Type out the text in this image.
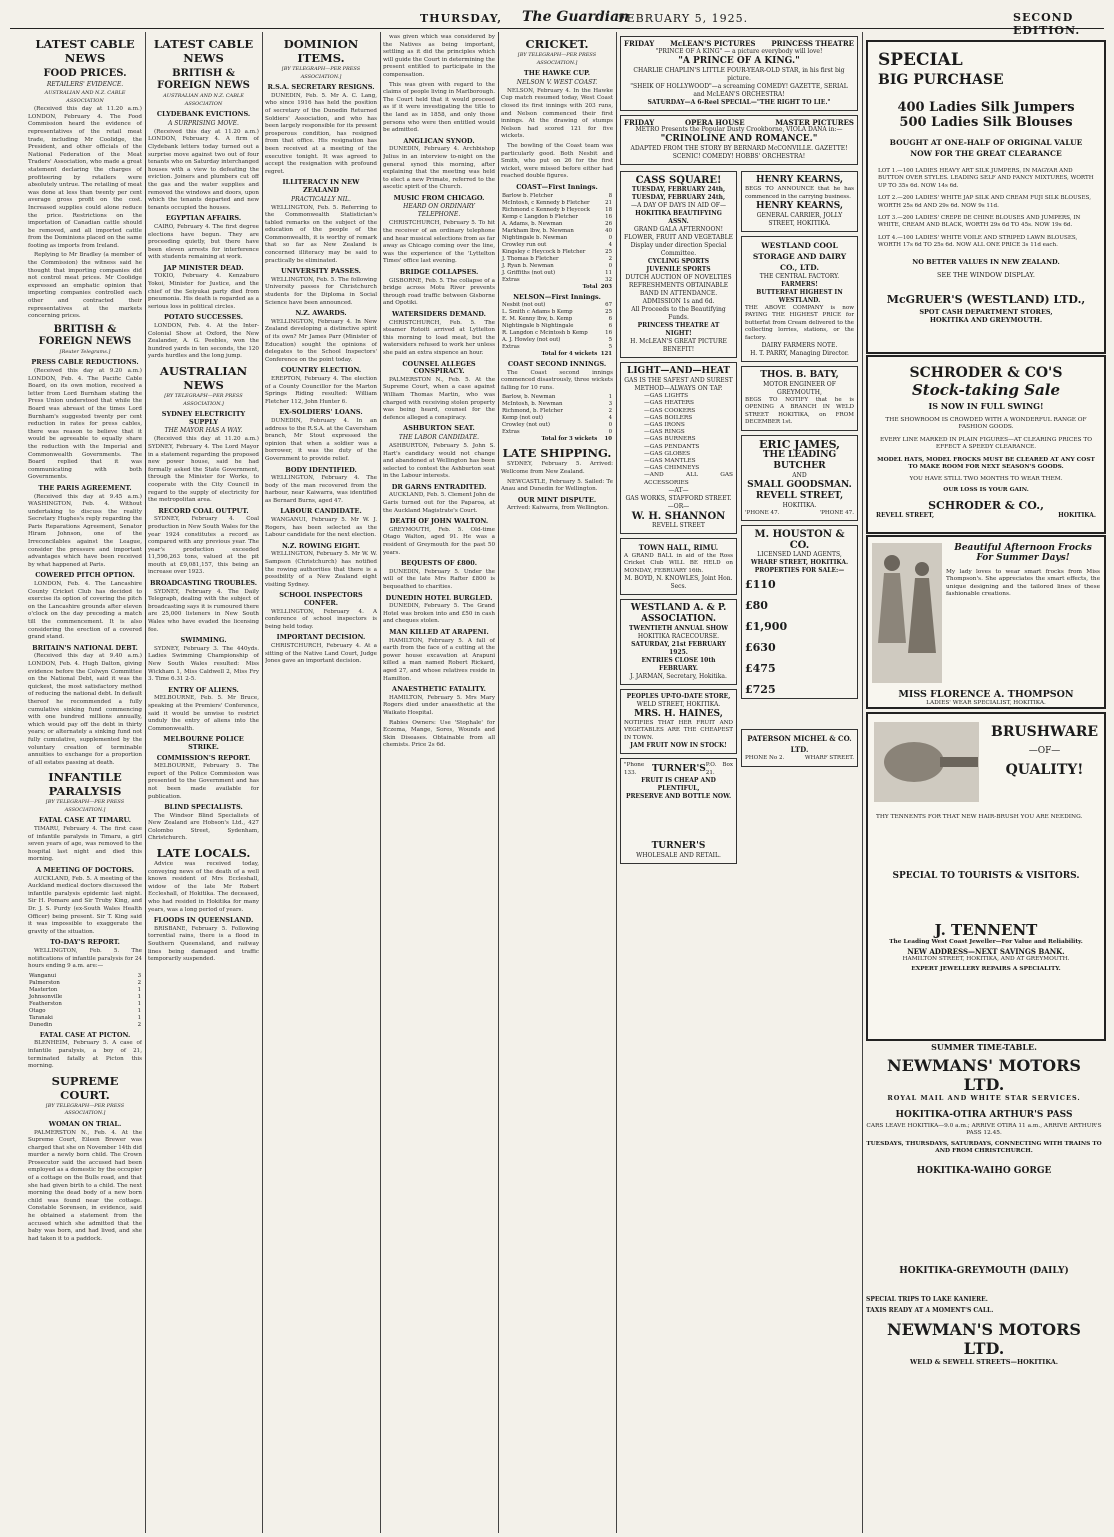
THURSDAY, The Guardian
FEBRUARY 5, 1925.	SECOND EDITION.
LATEST CABLE NEWS
FOOD PRICES.
RETAILERS' EVIDENCE.
AUSTRALIAN AND N.Z. CABLE ASSOCIATION

(Received this day at 11.20 a.m.) LONDON, February 4. The Food Commission heard the evidence of representatives of the retail meat trade, including Mr Coolidge, the President, and other officials of the National Federation of the Meat Traders' Association, who made a great statement declaring the charges of profiteering by retailers were absolutely untrue. The retailing of meat was done at less than twenty per cent average gross profit on the cost. Increased supplies could alone reduce the price. Restrictions on the importation of Canadian cattle should be removed, and all imported cattle from the Dominions placed on the same footing as imports from Ireland.

Replying to Mr Bradley (a member of the Commission) the witness said he thought that importing companies did not control meat prices. Mr Coolidge expressed an emphatic opinion that importing companies controlled each other and contracted their representatives at the markets concerning prices.

BRITISH & FOREIGN NEWS
[Reuter Telegrams.]
PRESS CABLE REDUCTIONS.

(Received this day at 9.20 a.m.) LONDON, Feb. 4. The Pacific Cable Board, on its own motion, received a letter from Lord Burnham stating the Press Union understood that while the Board was abreast of the times Lord Burnham's suggested twenty per cent reduction in rates for press cables, there was reason to believe that it would be agreeable to equally share the reduction with the Imperial and Commonwealth Governments. The Board replied that it was communicating with both Governments.

THE PARIS AGREEMENT.

(Received this day at 9.45 a.m.) WASHINGTON, Feb. 4. Without undertaking to discuss the reality Secretary Hughes's reply regarding the Paris Reparations Agreement, Senator Hiram Johnson, one of the Irreconcilables against the League, consider the pressure and important advantages which have been received by what happened at Paris.

COWERED PITCH OPTION.

LONDON, Feb. 4. The Lancashire County Cricket Club has decided to exercise its option of covering the pitch on the Lancashire grounds after eleven o'clock on the day preceding a match till the commencement. It is also considering the erection of a covered grand stand.

BRITAIN'S NATIONAL DEBT.

(Received this day at 9.40 a.m.) LONDON, Feb. 4. Hugh Dalton, giving evidence before the Colwyn Committee on the National Debt, said it was the quickest, the most satisfactory method of reducing the national debt. In default thereof he recommended a fully cumulative sinking fund commencing with one hundred millions annually, which would pay off the debt in thirty years; or alternately a sinking fund not fully cumulative, supplemented by the voluntary creation of terminable annuities to exchange for a proportion of all estates passing at death.

INFANTILE PARALYSIS
[BY TELEGRAPH—PER PRESS ASSOCIATION.]
FATAL CASE AT TIMARU.

TIMARU, February 4. The first case of infantile paralysis in Timaru, a girl seven years of age, was removed to the hospital last night and died this morning.

A MEETING OF DOCTORS.

AUCKLAND, Feb. 5. A meeting of the Auckland medical doctors discussed the infantile paralysis epidemic last night. Sir H. Pomare and Sir Truby King, and Dr. J. S. Purdy (ex-South Wales Health Officer) being present. Sir T. King said it was impossible to exaggerate the gravity of the situation.

TO-DAY'S REPORT.

WELLINGTON, Feb. 5. The notifications of infantile paralysis for 24 hours ending 9 a.m. are:—

Wanganui	3
Palmerston	2
Masterton	1
Johnsonville	1
Featherston	1
Otago	1
Taranaki	1
Dunedin	2
FATAL CASE AT PICTON.

BLENHEIM, February 5. A case of infantile paralysis, a boy of 21, terminated fatally at Picton this morning.

SUPREME COURT.
[BY TELEGRAPH—PER PRESS ASSOCIATION.]
WOMAN ON TRIAL.

PALMERSTON N., Feb. 4. At the Supreme Court, Eileen Brewer was charged that she on November 14th did murder a newly born child. The Crown Prosecutor said the accused had been employed as a domestic by the occupier of a cottage on the Bulls road, and that she had given birth to a child. The next morning the dead body of a new born child was found near the cottage. Constable Sorensen, in evidence, said he obtained a statement from the accused which she admitted that the baby was born, and had lived, and she had taken it to a paddock.

LATEST CABLE NEWS
BRITISH & FOREIGN NEWS
AUSTRALIAN AND N.Z. CABLE ASSOCIATION
CLYDEBANK EVICTIONS.
A SURPRISING MOVE.

(Received this day at 11.20 a.m.) LONDON, February 4. A firm of Clydebank letters today turned out a surprise move against two out of four tenants who on Saturday interchanged houses with a view to defeating the eviction. Joiners and plumbers cut off the gas and the water supplies and removed the windows and doors, upon which the tenants departed and new tenants occupied the houses.

EGYPTIAN AFFAIRS.

CAIRO, February 4. The first degree elections have begun. They are proceeding quietly, but there have been eleven arrests for interference with students remaining at work.

JAP MINISTER DEAD.

TOKIO, February 4. Kenzaburo Yokoi, Minister for Justice, and the chief of the Seiyukai party died from pneumonia. His death is regarded as a serious loss in political circles.

POTATO SUCCESSES.

LONDON, Feb. 4. At the Inter-Colonial Show at Oxford, the New Zealander, A. G. Peebles, won the hundred yards in ten seconds, the 120 yards hurdles and the long jump.

AUSTRALIAN NEWS
[BY TELEGRAPH—PER PRESS ASSOCIATION.]
SYDNEY ELECTRICITY SUPPLY
THE MAYOR HAS A WAY.

(Received this day at 11.20 a.m.) SYDNEY, February 4. The Lord Mayor in a statement regarding the proposed new power house, said he had formally asked the State Government, through the Minister for Works, to cooperate with the City Council in regard to the supply of electricity for the metropolitan area.

RECORD COAL OUTPUT.

SYDNEY, February 4. Coal production in New South Wales for the year 1924 constitutes a record as compared with any previous year. The year's production exceeded 11,596,263 tons, valued at the pit mouth at £9,081,157, this being an increase over 1923.

BROADCASTING TROUBLES.

SYDNEY, February 4. The Daily Telegraph, dealing with the subject of broadcasting says it is rumoured there are 25,000 listeners in New South Wales who have evaded the licensing fee.

SWIMMING.

SYDNEY, February 3. The 440yds. Ladies Swimming Championship of New South Wales resulted: Miss Wickham 1, Miss Caldwell 2, Miss Fry 3. Time 6.31 2-5.

ENTRY OF ALIENS.

MELBOURNE, Feb. 5. Mr Bruce, speaking at the Premiers' Conference, said it would be unwise to restrict unduly the entry of aliens into the Commonwealth.

MELBOURNE POLICE STRIKE.
COMMISSION'S REPORT.

MELBOURNE, February 5. The report of the Police Commission was presented to the Government and has not been made available for publication.

BLIND SPECIALISTS.

The Windsor Blind Specialists of New Zealand are Hobson's Ltd., 427 Colombo Street, Sydenham, Christchurch.

LATE LOCALS.

Advice was received today, conveying news of the death of a well known resident of Mrs Eccleshall, widow of the late Mr Robert Eccleshall, of Hokitika. The deceased, who had resided in Hokitika for many years, was a long period of years.

FLOODS IN QUEENSLAND.

BRISBANE, February 5. Following torrential rains, there is a flood in Southern Queensland, and railway lines being damaged and traffic temporarily suspended.

DOMINION ITEMS.
[BY TELEGRAPH—PER PRESS ASSOCIATION.]
R.S.A. SECRETARY RESIGNS.

DUNEDIN, Feb. 5. Mr A. C. Lang, who since 1916 has held the position of secretary of the Dunedin Returned Soldiers' Association, and who has been largely responsible for its present prosperous condition, has resigned from that office. His resignation has been received at a meeting of the executive tonight. It was agreed to accept the resignation with profound regret.

ILLITERACY IN NEW ZEALAND
PRACTICALLY NIL.

WELLINGTON, Feb. 5. Referring to the Commonwealth Statistician's tabled remarks on the subject of the education of the people of the Commonwealth, it is worthy of remark that so far as New Zealand is concerned illiteracy may be said to practically be eliminated.

UNIVERSITY PASSES.

WELLINGTON, Feb. 5. The following University passes for Christchurch students for the Diploma in Social Science have been announced.

N.Z. AWARDS.

WELLINGTON, February 4. In New Zealand developing a distinctive spirit of its own? Mr James Parr (Minister of Education) sought the opinions of delegates to the School Inspectors' Conference on the point today.

COUNTRY ELECTION.

EREPTON, February 4. The election of a County Councillor for the Marton Springs Riding resulted: William Fletcher 112, John Hunter 6.

EX-SOLDIERS' LOANS.

DUNEDIN, February 4. In an address to the R.S.A. at the Caversham branch, Mr Stout expressed the opinion that when a soldier was a borrower, it was the duty of the Government to provide relief.

BODY IDENTIFIED.

WELLINGTON, February 4. The body of the man recovered from the harbour, near Kaiwarra, was identified as Bernard Burns, aged 47.

LABOUR CANDIDATE.

WANGANUI, February 5. Mr W. J. Rogers, has been selected as the Labour candidate for the next election.

N.Z. ROWING EIGHT.

WELLINGTON, February 5. Mr W. W. Sampson (Christchurch) has notified the rowing authorities that there is a possibility of a New Zealand eight visiting Sydney.

SCHOOL INSPECTORS CONFER.

WELLINGTON, February 4. A conference of school inspectors is being held today.

IMPORTANT DECISION.

CHRISTCHURCH, February 4. At a sitting of the Native Land Court, Judge Jones gave an important decision.

was given which was considered by the Natives as being important, settling as it did the principles which will guide the Court in determining the present entitled to participate in the compensation.

This was given with regard to the claims of people living in Marlborough. The Court held that it would proceed as if it were investigating the title to the land as in 1858, and only those persons who were then entitled would be admitted.

ANGLICAN SYNOD.

DUNEDIN, February 4. Archbishop Julius in an interview to-night on the general synod this morning, after explaining that the meeting was held to elect a new Primate, referred to the ascetic spirit of the Church.

MUSIC FROM CHICAGO.
HEARD ON ORDINARY TELEPHONE.

CHRISTCHURCH, February 5. To hit the receiver of an ordinary telephone and hear musical selections from as far away as Chicago coming over the line, was the experience of the 'Lyttelton Times' office last evening.

BRIDGE COLLAPSES.

GISBORNE, Feb. 5. The collapse of a bridge across Motu River prevents through road traffic between Gisborne and Opotiki.

WATERSIDERS DEMAND.

CHRISTCHURCH, Feb. 5. The steamer Rotoiti arrived at Lyttelton this morning to load meat, but the watersiders refused to work her unless she paid an extra sixpence an hour.

COUNSEL ALLEGES CONSPIRACY.

PALMERSTON N., Feb. 5. At the Supreme Court, when a case against William Thomas Martin, who was charged with receiving stolen property was being heard, counsel for the defence alleged a conspiracy.

ASHBURTON SEAT.
THE LABOR CANDIDATE.

ASHBURTON, February 5. John S. Hart's candidacy would not change and abandoned at Wellington has been selected to contest the Ashburton seat in the Labour interests.

DR GARNS ENTRADITED.

AUCKLAND, Feb. 5. Clement John de Garis turned out for the Paparoa, at the Auckland Magistrate's Court.

DEATH OF JOHN WALTON.

GREYMOUTH, Feb. 5. Old-time Otago Walton, aged 91. He was a resident of Greymouth for the past 50 years.

BEQUESTS OF £800.

DUNEDIN, February 5. Under the will of the late Mrs Rafter £800 is bequeathed to charities.

DUNEDIN HOTEL BURGLED.

DUNEDIN, February 5. The Grand Hotel was broken into and £50 in cash and cheques stolen.

MAN KILLED AT ARAPENI.

HAMILTON, February 5. A fall of earth from the face of a cutting at the power house excavation at Arapuni killed a man named Robert Rickard, aged 27, and whose relatives reside in Hamilton.

ANAESTHETIC FATALITY.

HAMILTON, February 5. Mrs Mary Rogers died under anaesthetic at the Waikato Hospital.

Rabies Owners: Use 'Stophale' for Eczema, Mange, Sores, Wounds and Skin Diseases. Obtainable from all chemists. Price 2s 6d.

CRICKET.
[BY TELEGRAPH—PER PRESS ASSOCIATION.]
THE HAWKE CUP.
NELSON V. WEST COAST.

NELSON, February 4. In the Hawke Cup match resumed today, West Coast closed its first innings with 203 runs, and Nelson commenced their first innings. At the drawing of stumps Nelson had scored 121 for five wickets.

The bowling of the Coast team was particularly good. Both Nesbit and Smith, who put on 26 for the first wicket, were missed before either had reached double figures.

COAST—First Innings.
Barlow b. Fletcher	8
McIntosh, c Kennedy b Fletcher	21
Richmond c Kennedy b Heycock	18
Kemp c Langdon b Fletcher	16
A. Adams, b. Newman	26
Markham lbw, b. Newman	40
Nightingale b. Newman	0
Crowley run out	4
Kingsley c Heycock b Fletcher	25
J. Thomas b Fletcher	2
J. Ryan b. Newman	0
J. Griffiths (not out)	11
Extras	32
Total	203
NELSON—First Innings.
Nesbit (not out)	67
L. Smith c Adams b Kemp	25
E. M. Kenny lbw, b. Kemp	6
Nightingale b Nightingale	6
R. Langdon c Mcintosh b Kemp	16
A. J. Howley (not out)	5
Extras	5
Total for 4 wickets	121
COAST SECOND INNINGS.

The Coast second innings commenced disastrously, three wickets falling for 10 runs.

Barlow, b. Newman	1
McIntosh, b. Newman	3
Richmond, b. Fletcher	2
Kemp (not out)	4
Crowley (not out)	0
Extras	0
Total for 3 wickets	10
LATE SHIPPING.

SYDNEY, February 5. Arrived: Wellcome from New Zealand.

NEWCASTLE, February 5. Sailed: Te Anau and Dunedin for Wellington.

OUR MINT DISPUTE.

Arrived: Kaiwarra, from Wellington.

FRIDAY McLEAN'S PICTURES PRINCESS THEATRE
"PRINCE OF A KING" — a picture everybody will love!
"A PRINCE OF A KING."
CHARLIE CHAPLIN'S LITTLE FOUR-YEAR-OLD STAR, in his first big picture.
"SHEIK OF HOLLYWOOD"—a screaming COMEDY! GAZETTE, SERIAL and McLEAN'S ORCHESTRA!
SATURDAY—A 6-Reel SPECIAL—"THE RIGHT TO LIE."
FRIDAY	OPERA HOUSE	MASTER PICTURES
METRO Presents the Popular Dusty Crookborne, VIOLA DANA in:—
"CRINOLINE AND ROMANCE."
ADAPTED FROM THE STORY BY BERNARD McCONVILLE. GAZETTE! SCENIC! COMEDY! HOBBS' ORCHESTRA!
CASS SQUARE!
TUESDAY, FEBRUARY 24th,
TUESDAY, FEBRUARY 24th,
—A DAY OF DAYS IN AID OF—
HOKITIKA BEAUTIFYING ASSN.
GRAND GALA AFTERNOON!
FLOWER, FRUIT AND VEGETABLE Display under direction Special Committee.
CYCLING SPORTS
JUVENILE SPORTS
DUTCH AUCTION OF NOVELTIES
REFRESHMENTS OBTAINABLE
BAND IN ATTENDANCE.
ADMISSION 1s and 6d.
All Proceeds to the Beautifying Funds.
PRINCESS THEATRE AT NIGHT!
H. McLEAN'S GREAT PICTURE BENEFIT!
LIGHT—AND—HEAT
GAS IS THE SAFEST AND SUREST METHOD—ALWAYS ON TAP.
—GAS LIGHTS
—GAS HEATERS
—GAS COOKERS
—GAS BOILERS
—GAS IRONS
—GAS RINGS
—GAS BURNERS
—GAS PENDANTS
—GAS GLOBES
—GAS MANTLES
—GAS CHIMNEYS
—AND ALL GAS ACCESSORIES
—AT—
GAS WORKS, STAFFORD STREET.
—OR—
W. H. SHANNON
REVELL STREET
TOWN HALL, RIMU.
A GRAND BALL in aid of the Ross Cricket Club WILL BE HELD on MONDAY, FEBRUARY 16th.
M. BOYD, N. KNOWLES, Joint Hon. Secs.
WESTLAND A. & P. ASSOCIATION.
TWENTIETH ANNUAL SHOW
HOKITIKA RACECOURSE.
SATURDAY, 21st FEBRUARY 1925.
ENTRIES CLOSE 10th FEBRUARY.
J. JARMAN, Secretary, Hokitika.
PEOPLES UP-TO-DATE STORE,
WELD STREET, HOKITIKA.
MRS. H. HAINES,
NOTIFIES THAT HER FRUIT AND VEGETABLES ARE THE CHEAPEST IN TOWN.
JAM FRUIT NOW IN STOCK!
"Phone 133.	TURNER'S P.O. Box 21.
FRUIT IS CHEAP AND PLENTIFUL,
PRESERVE AND BOTTLE NOW.
TURNER'S
WHOLESALE AND RETAIL.
HENRY KEARNS,
BEGS TO ANNOUNCE that he has commenced in the carrying business.
HENRY KEARNS,
GENERAL CARRIER, JOLLY STREET, HOKITIKA.
WESTLAND COOL STORAGE AND DAIRY CO., LTD.
THE CENTRAL FACTORY.
FARMERS!
BUTTERFAT HIGHEST IN WESTLAND.
THE ABOVE COMPANY is now PAYING THE HIGHEST PRICE for butterfat from Cream delivered to the collecting lorries, stations, or the factory.
DAIRY FARMERS NOTE.
H. T. PARRY, Managing Director.
THOS. B. BATY,
MOTOR ENGINEER OF GREYMOUTH,
BEGS TO NOTIFY that he is OPENING A BRANCH IN WELD STREET HOKITIKA, on FROM DECEMBER 1st.
ERIC JAMES,
THE LEADING BUTCHER
AND
SMALL GOODSMAN.
REVELL STREET,
HOKITIKA.
'PHONE 47.	'PHONE 47.
M. HOUSTON & CO.
LICENSED LAND AGENTS,
WHARF STREET, HOKITIKA.
PROPERTIES FOR SALE:—
£110
£80
£1,900
£630
£475
£725
PATERSON MICHEL & CO. LTD.
PHONE No 2.	WHARF STREET.
SPECIAL
BIG PURCHASE
400 Ladies Silk Jumpers
500 Ladies Silk Blouses
BOUGHT AT ONE-HALF OF ORIGINAL VALUE
NOW FOR THE GREAT CLEARANCE
LOT 1.—100 LADIES HEAVY ART SILK JUMPERS, IN MAGYAR AND BUTTON OVER STYLES. LEADING SELF AND FANCY MIXTURES, WORTH UP TO 35s 6d. NOW 14s 6d.
LOT 2.—200 LADIES' WHITE JAP SILK AND CREAM FUJI SILK BLOUSES, WORTH 25s 6d AND 29s 6d. NOW 9s 11d.
LOT 3.—200 LADIES' CREPE DE CHINE BLOUSES AND JUMPERS, IN WHITE, CREAM AND BLACK, WORTH 29s 6d TO 45s. NOW 19s 6d.
LOT 4.—100 LADIES' WHITE VOILE AND STRIPED LAWN BLOUSES, WORTH 17s 6d TO 25s 6d. NOW ALL ONE PRICE 3s 11d each.
NO BETTER VALUES IN NEW ZEALAND.
SEE THE WINDOW DISPLAY.
McGRUER'S (WESTLAND) LTD.,
SPOT CASH DEPARTMENT STORES,
HOKITIKA AND GREYMOUTH.
SCHRODER & CO'S
Stock-taking Sale
IS NOW IN FULL SWING!
THE SHOWROOM IS CROWDED WITH A WONDERFUL RANGE OF FASHION GOODS.
EVERY LINE MARKED IN PLAIN FIGURES—AT CLEARING PRICES TO EFFECT A SPEEDY CLEARANCE.
MODEL HATS, MODEL FROCKS MUST BE CLEARED AT ANY COST TO MAKE ROOM FOR NEXT SEASON'S GOODS.
YOU HAVE STILL TWO MONTHS TO WEAR THEM.
OUR LOSS IS YOUR GAIN.
SCHRODER & CO.,
REVELL STREET,	HOKITIKA.
Beautiful Afternoon Frocks For Summer Days!
My lady loves to wear smart frocks from Miss Thompson's. She appreciates the smart effects, the unique designing and the tailored lines of these fashionable creations.
MISS FLORENCE A. THOMPSON
LADIES' WEAR SPECIALIST, HOKITIKA.
BRUSHWARE
—OF—
QUALITY!
THY TENNENTS FOR THAT NEW HAIR-BRUSH YOU ARE NEEDING.
SPECIAL TO TOURISTS & VISITORS.
J. TENNENT
The Leading West Coast Jeweller—For Value and Reliability.
NEW ADDRESS—NEXT SAVINGS BANK.
HAMILTON STREET, HOKITIKA, AND AT GREYMOUTH.
EXPERT JEWELLERY REPAIRS A SPECIALITY.
SUMMER TIME-TABLE.
NEWMANS' MOTORS LTD.
ROYAL MAIL AND WHITE STAR SERVICES.
HOKITIKA-OTIRA ARTHUR'S PASS
CARS LEAVE HOKITIKA—9.0 a.m.; ARRIVE OTIRA 11 a.m., ARRIVE ARTHUR'S PASS 12.45.
TUESDAYS, THURSDAYS, SATURDAYS, CONNECTING WITH TRAINS TO AND FROM CHRISTCHURCH.
HOKITIKA-WAIHO GORGE
HOKITIKA-GREYMOUTH (DAILY)
SPECIAL TRIPS TO LAKE KANIERE.
TAXIS READY AT A MOMENT'S CALL.
NEWMAN'S MOTORS LTD.
WELD & SEWELL STREETS—HOKITIKA.
